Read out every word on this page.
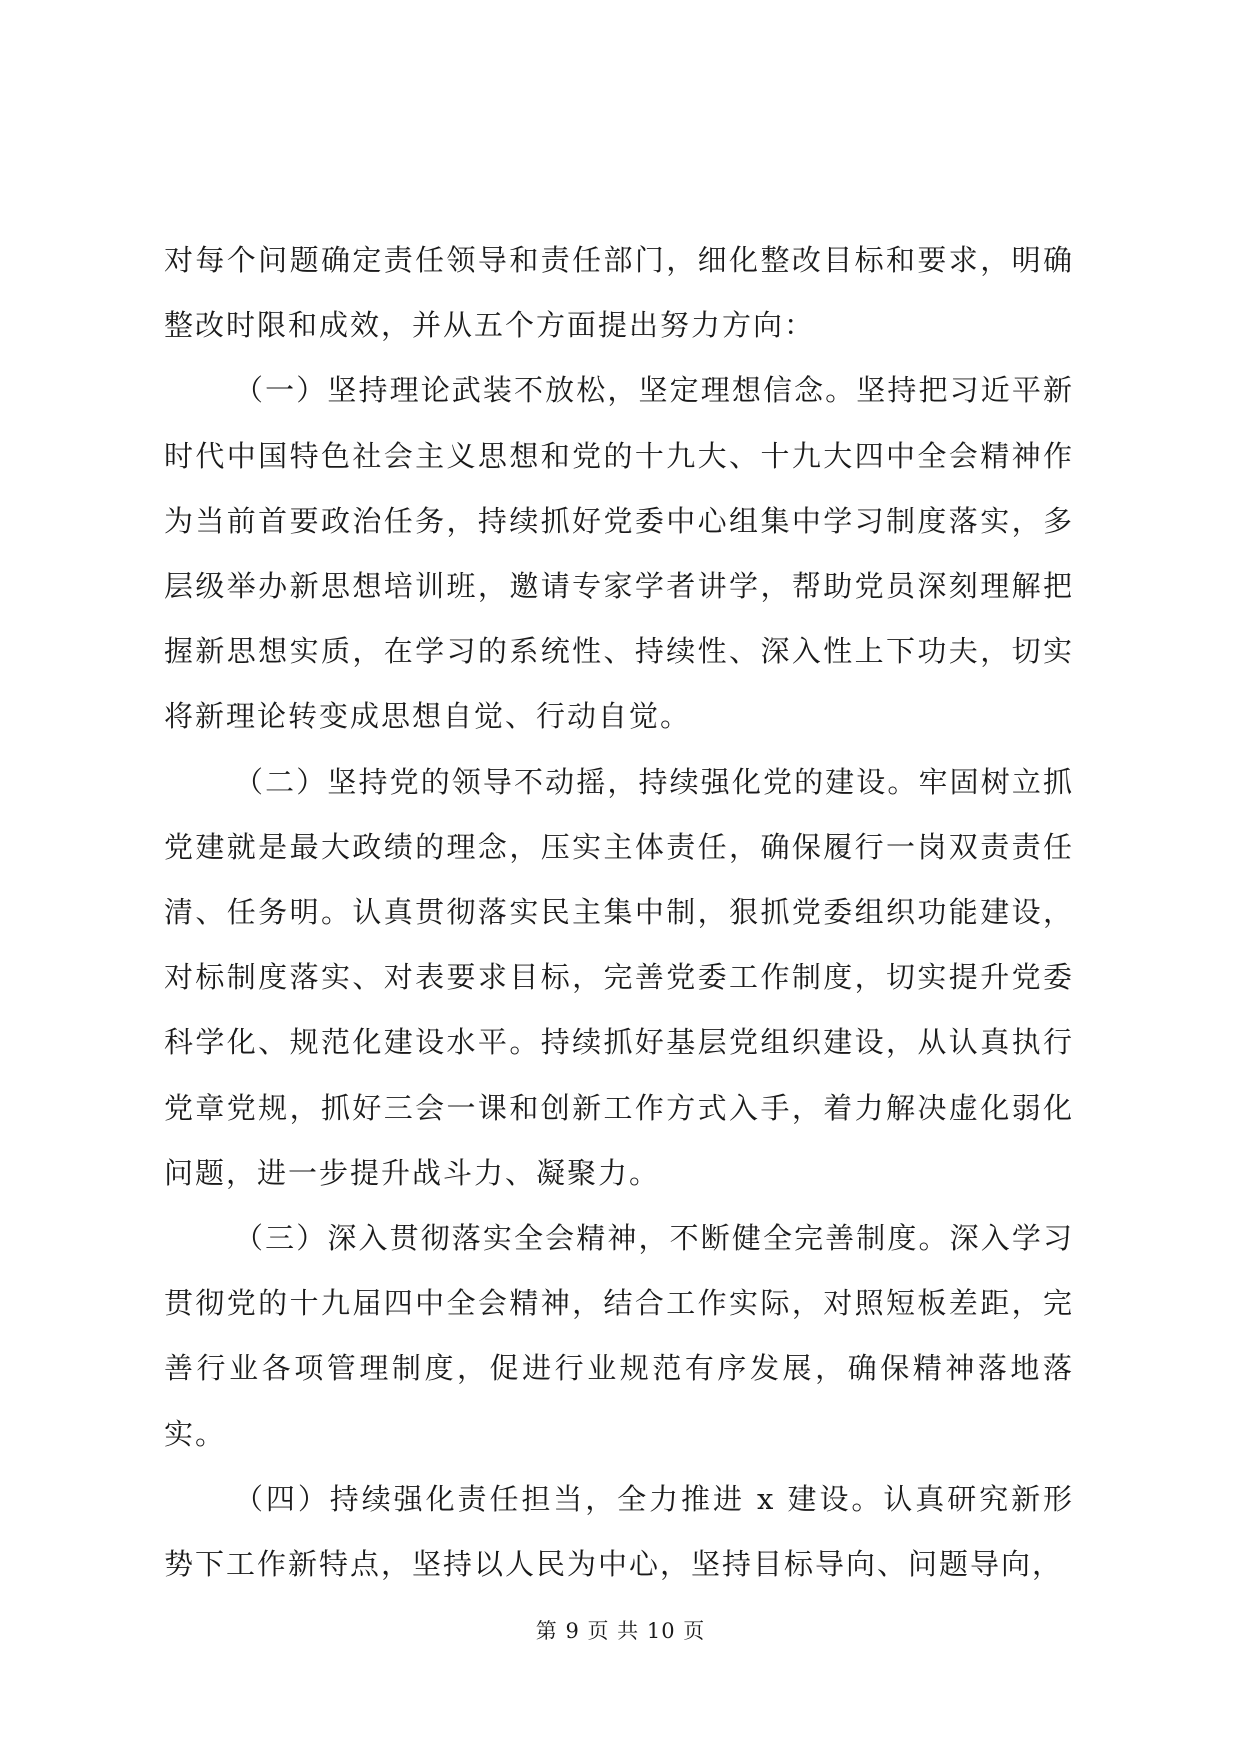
对每个问题确定责任领导和责任部门，细化整改目标和要求，明确整改时限和成效，并从五个方面提出努力方向：

（一）坚持理论武装不放松，坚定理想信念。坚持把习近平新时代中国特色社会主义思想和党的十九大、十九大四中全会精神作为当前首要政治任务，持续抓好党委中心组集中学习制度落实，多层级举办新思想培训班，邀请专家学者讲学，帮助党员深刻理解把握新思想实质，在学习的系统性、持续性、深入性上下功夫，切实将新理论转变成思想自觉、行动自觉。

（二）坚持党的领导不动摇，持续强化党的建设。牢固树立抓党建就是最大政绩的理念，压实主体责任，确保履行一岗双责责任清、任务明。认真贯彻落实民主集中制，狠抓党委组织功能建设，对标制度落实、对表要求目标，完善党委工作制度，切实提升党委科学化、规范化建设水平。持续抓好基层党组织建设，从认真执行党章党规，抓好三会一课和创新工作方式入手，着力解决虚化弱化问题，进一步提升战斗力、凝聚力。

（三）深入贯彻落实全会精神，不断健全完善制度。深入学习贯彻党的十九届四中全会精神，结合工作实际，对照短板差距，完善行业各项管理制度，促进行业规范有序发展，确保精神落地落实。

（四）持续强化责任担当，全力推进 x 建设。认真研究新形势下工作新特点，坚持以人民为中心，坚持目标导向、问题导向，

第 9 页 共 10 页
